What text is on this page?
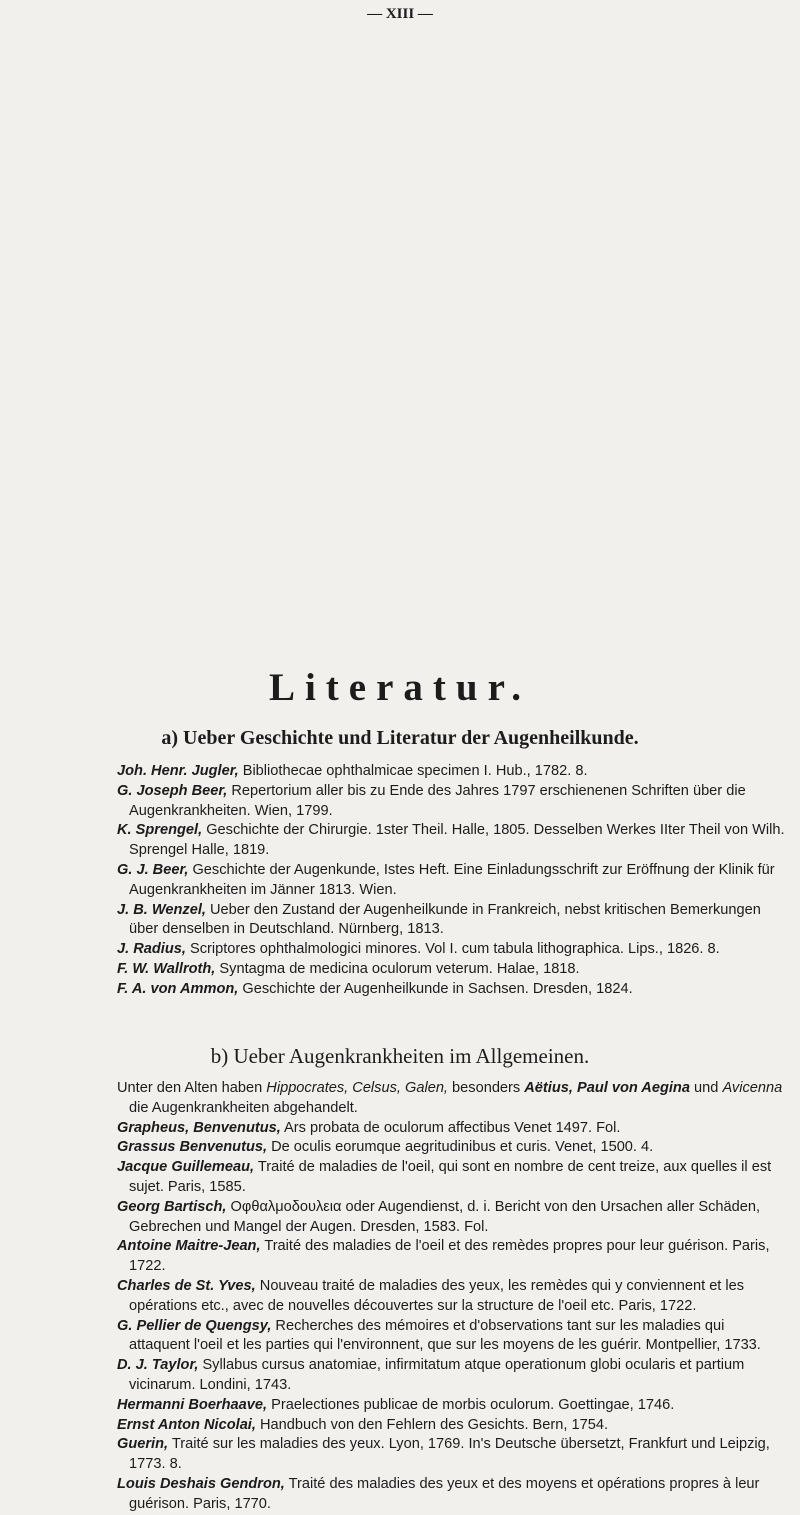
— XIII —
Literatur.
a) Ueber Geschichte und Literatur der Augenheilkunde.
Joh. Henr. Jugler, Bibliothecae ophthalmicae specimen I. Hub., 1782. 8.
G. Joseph Beer, Repertorium aller bis zu Ende des Jahres 1797 erschienenen Schriften über die Augenkrankheiten. Wien, 1799.
K. Sprengel, Geschichte der Chirurgie. 1ster Theil. Halle, 1805. Desselben Werkes IIter Theil von Wilh. Sprengel Halle, 1819.
G. J. Beer, Geschichte der Augenkunde, Istes Heft. Eine Einladungsschrift zur Eröffnung der Klinik für Augenkrankheiten im Jänner 1813. Wien.
J. B. Wenzel, Ueber den Zustand der Augenheilkunde in Frankreich, nebst kritischen Bemerkungen über denselben in Deutschland. Nürnberg, 1813.
J. Radius, Scriptores ophthalmologici minores. Vol I. cum tabula lithographica. Lips., 1826. 8.
F. W. Wallroth, Syntagma de medicina oculorum veterum. Halae, 1818.
F. A. von Ammon, Geschichte der Augenheilkunde in Sachsen. Dresden, 1824.
b) Ueber Augenkrankheiten im Allgemeinen.
Unter den Alten haben Hippocrates, Celsus, Galen, besonders Aëtius, Paul von Aegina und Avicenna die Augenkrankheiten abgehandelt.
Grapheus, Benvenutus, Ars probata de oculorum affectibus Venet 1497. Fol.
Grassus Benvenutus, De oculis eorumque aegritudinibus et curis. Venet, 1500. 4.
Jacque Guillemeau, Traité de maladies de l'oeil, qui sont en nombre de cent treize, aux quelles il est sujet. Paris, 1585.
Georg Bartisch, Οφθαλμοδουλεια oder Augendienst, d. i. Bericht von den Ursachen aller Schäden, Gebrechen und Mangel der Augen. Dresden, 1583. Fol.
Antoine Maitre-Jean, Traité des maladies de l'oeil et des remèdes propres pour leur guérison. Paris, 1722.
Charles de St. Yves, Nouveau traité de maladies des yeux, les remèdes qui y conviennent et les opérations etc., avec de nouvelles découvertes sur la structure de l'oeil etc. Paris, 1722.
G. Pellier de Quengsy, Recherches des mémoires et d'observations tant sur les maladies qui attaquent l'oeil et les parties qui l'environnent, que sur les moyens de les guérir. Montpellier, 1733.
D. J. Taylor, Syllabus cursus anatomiae, infirmitatum atque operationum globi ocularis et partium vicinarum. Londini, 1743.
Hermanni Boerhaave, Praelectiones publicae de morbis oculorum. Goettingae, 1746.
Ernst Anton Nicolai, Handbuch von den Fehlern des Gesichts. Bern, 1754.
Guerin, Traité sur les maladies des yeux. Lyon, 1769. In's Deutsche übersetzt, Frankfurt und Leipzig, 1773. 8.
Louis Deshais Gendron, Traité des maladies des yeux et des moyens et opérations propres à leur guérison. Paris, 1770.
